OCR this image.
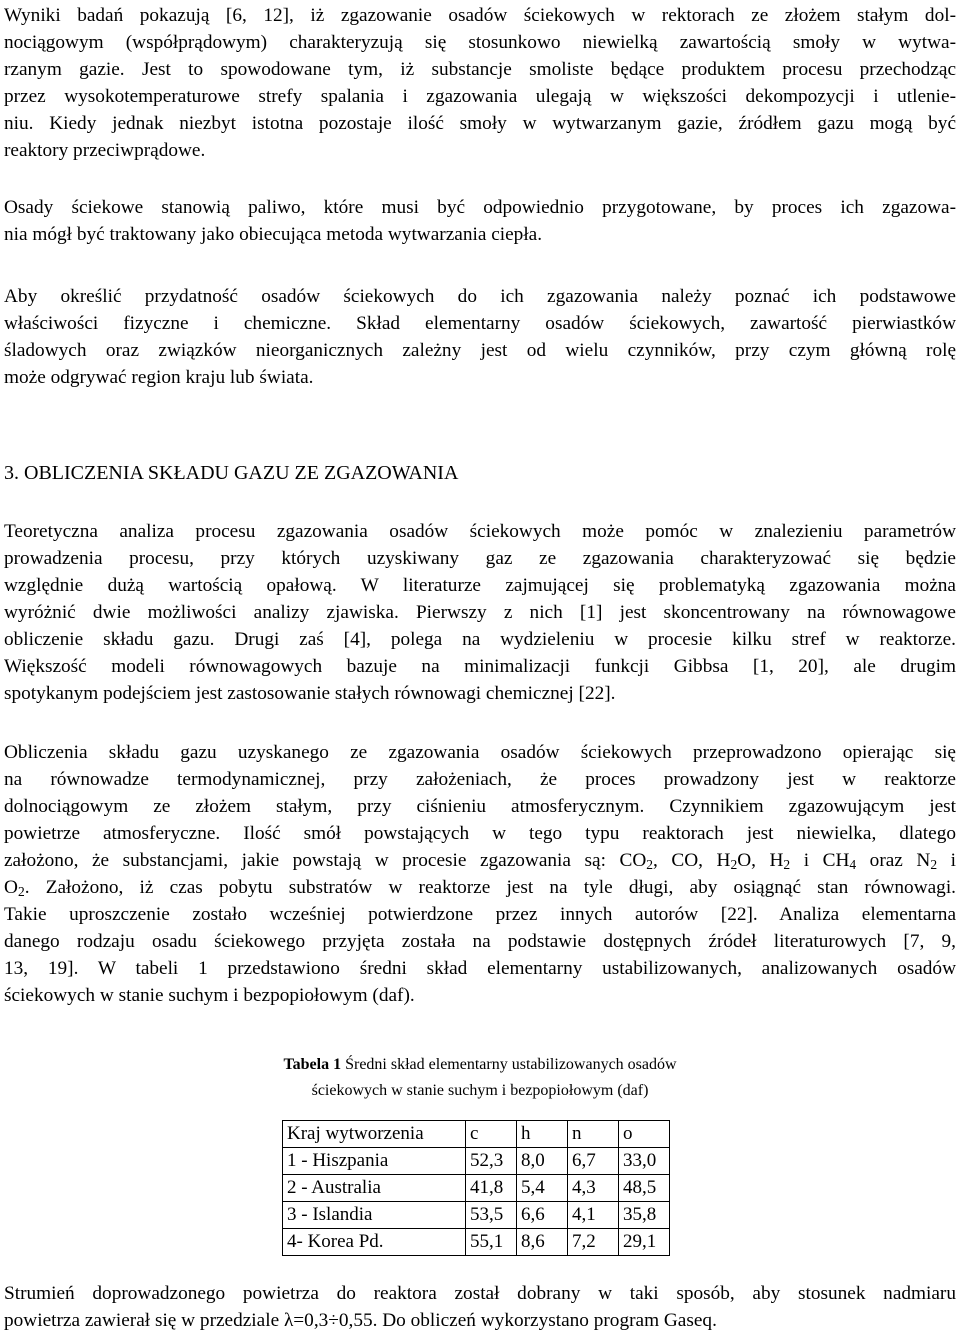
Wyniki badań pokazują [6, 12], iż zgazowanie osadów ściekowych w rektorach ze złożem stałym dol-
nociągowym (współprądowym) charakteryzują się stosunkowo niewielką zawartością smoły w wytwa-
rzanym gazie. Jest to spowodowane tym, iż substancje smoliste będące produktem procesu przechodząc
przez wysokotemperaturowe strefy spalania i zgazowania ulegają w większości dekompozycji i utlenie-
niu. Kiedy jednak niezbyt istotna pozostaje ilość smoły w wytwarzanym gazie, źródłem gazu mogą być
reaktory przeciwprądowe.
Osady ściekowe stanowią paliwo, które musi być odpowiednio przygotowane, by proces ich zgazowa-
nia mógł być traktowany jako obiecująca metoda wytwarzania ciepła.
Aby określić przydatność osadów ściekowych do ich zgazowania należy poznać ich podstawowe
właściwości fizyczne i chemiczne. Skład elementarny osadów ściekowych, zawartość pierwiastków
śladowych oraz związków nieorganicznych zależny jest od wielu czynników, przy czym główną rolę
może odgrywać region kraju lub świata.
3. OBLICZENIA SKŁADU GAZU ZE ZGAZOWANIA
Teoretyczna analiza procesu zgazowania osadów ściekowych może pomóc w znalezieniu parametrów
prowadzenia procesu, przy których uzyskiwany gaz ze zgazowania charakteryzować się będzie
względnie dużą wartością opałową. W literaturze zajmującej się problematyką zgazowania można
wyróżnić dwie możliwości analizy zjawiska. Pierwszy z nich [1] jest skoncentrowany na równowagowe
obliczenie składu gazu. Drugi zaś [4], polega na wydzieleniu w procesie kilku stref w reaktorze.
Większość modeli równowagowych bazuje na minimalizacji funkcji Gibbsa [1, 20], ale drugim
spotykanym podejściem jest zastosowanie stałych równowagi chemicznej [22].
Obliczenia składu gazu uzyskanego ze zgazowania osadów ściekowych przeprowadzono opierając się
na równowadze termodynamicznej, przy założeniach, że proces prowadzony jest w reaktorze
dolnociągowym ze złożem stałym, przy ciśnieniu atmosferycznym. Czynnikiem zgazowującym jest
powietrze atmosferyczne. Ilość smół powstających w tego typu reaktorach jest niewielka, dlatego
założono, że substancjami, jakie powstają w procesie zgazowania są: $CO_2$, CO, $H_2O$, $H_2$ i $CH_4$ oraz $N_2$ i
$O_2$. Założono, iż czas pobytu substratów w reaktorze jest na tyle długi, aby osiągnąć stan równowagi.
Takie uproszczenie zostało wcześniej potwierdzone przez innych autorów [22]. Analiza elementarna
danego rodzaju osadu ściekowego przyjęta została na podstawie dostępnych źródeł literaturowych [7, 9,
13, 19]. W tabeli 1 przedstawiono średni skład elementarny ustabilizowanych, analizowanych osadów
ściekowych w stanie suchym i bezpopiołowym (daf).
Tabela 1 Średni skład elementarny ustabilizowanych osadów
ściekowych w stanie suchym i bezpopiołowym (daf)
Kraj wytworzenia	c	h	n	o
1 - Hiszpania	52,3	8,0	6,7	33,0
2 - Australia	41,8	5,4	4,3	48,5
3 - Islandia	53,5	6,6	4,1	35,8
4- Korea Pd.	55,1	8,6	7,2	29,1
Strumień doprowadzonego powietrza do reaktora został dobrany w taki sposób, aby stosunek nadmiaru
powietrza zawierał się w przedziale λ=0,3÷0,55. Do obliczeń wykorzystano program Gaseq.
